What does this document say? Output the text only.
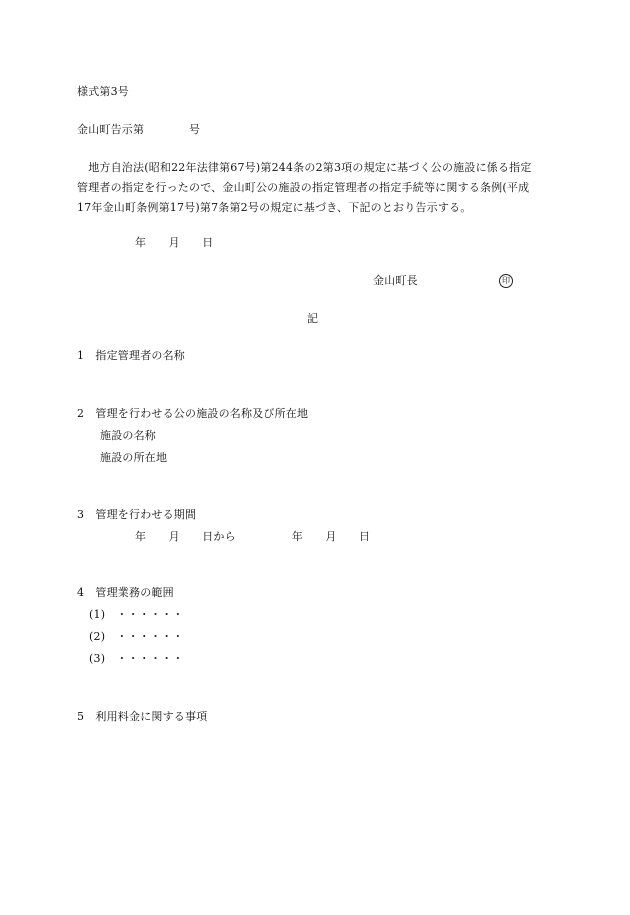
様式第3号
金山町告示第　　　　号
　地方自治法(昭和22年法律第67号)第244条の2第3項の規定に基づく公の施設に係る指定
管理者の指定を行ったので、金山町公の施設の指定管理者の指定手続等に関する条例(平成
17年金山町条例第17号)第7条第2号の規定に基づき、下記のとおり告示する。
年　　月　　日
金山町長	印
記
1　指定管理者の名称
2　管理を行わせる公の施設の名称及び所在地
施設の名称
施設の所在地
3　管理を行わせる期間
年　　月　　日から　　　　　年　　月　　日
4　管理業務の範囲
(1)　・・・・・・
(2)　・・・・・・
(3)　・・・・・・
5　利用料金に関する事項
